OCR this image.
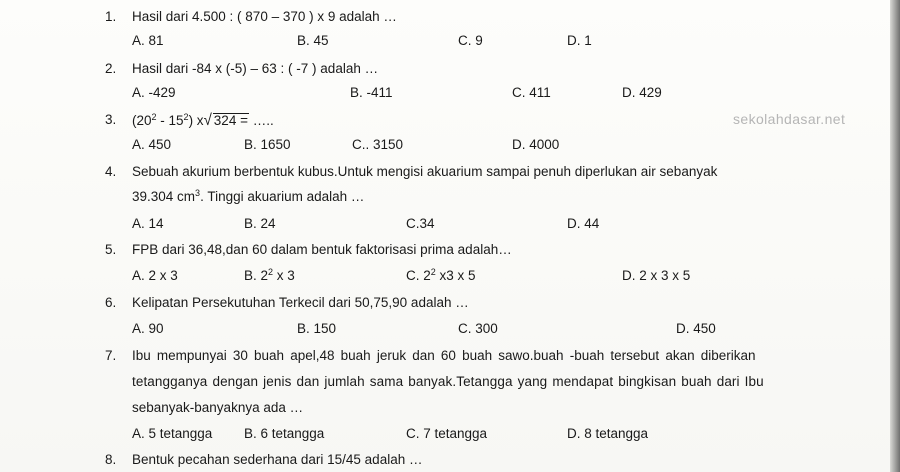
1.	Hasil dari 4.500 : ( 870 – 370 ) x 9 adalah …
A. 81	B. 45	C. 9	D. 1
2.	Hasil dari -84 x (-5) – 63 : ( -7 ) adalah …
A. -429	B. -411	C. 411	D. 429
3.	$(20^2 - 15^2)$ x√ 324 = …..	sekolahdasar.net
A. 450	B. 1650	C.. 3150	D. 4000
4.	Sebuah akurium berbentuk kubus.Untuk mengisi akuarium sampai penuh diperlukan air sebanyak
39.304 $cm^3$. Tinggi akuarium adalah …
A. 14	B. 24	C.34	D. 44
5.	FPB dari 36,48,dan 60 dalam bentuk faktorisasi prima adalah…
A. 2 x 3	B. $2^2$ x 3	C. $2^2$ x3 x 5	D. 2 x 3 x 5
6.	Kelipatan Persekutuhan Terkecil dari 50,75,90 adalah …
A. 90	B. 150	C. 300	D. 450
7.	Ibu mempunyai 30 buah apel,48 buah jeruk dan 60 buah sawo.buah -buah tersebut akan diberikan
tetangganya dengan jenis dan jumlah sama banyak.Tetangga yang mendapat bingkisan buah dari Ibu
sebanyak-banyaknya ada …
A. 5 tetangga B. 6 tetangga	C. 7 tetangga	D. 8 tetangga
8.	Bentuk pecahan sederhana dari 15/45 adalah …
